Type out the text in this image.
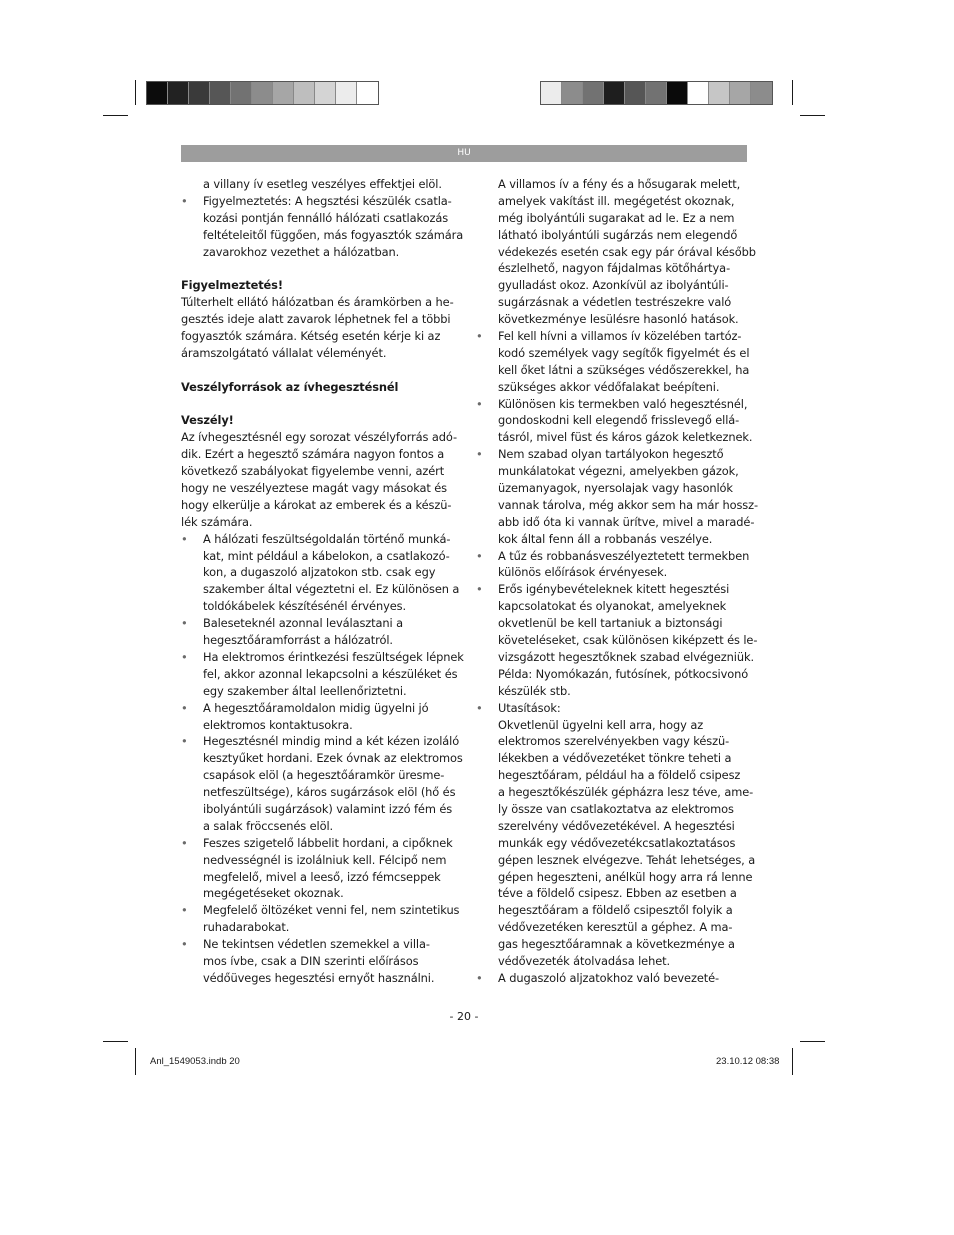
HU
a villany ív esetleg veszélyes effektjei elöl.
• Figyelmeztetés: A hegsztési készülék csatla-
kozási pontján fennálló hálózati csatlakozás
feltételeitől függően, más fogyasztók számára
zavarokhoz vezethet a hálózatban.
Figyelmeztetés!
Túlterhelt ellátó hálózatban és áramkörben a he-
gesztés ideje alatt zavarok léphetnek fel a többi
fogyasztók számára. Kétség esetén kérje ki az
áramszolgátató vállalat véleményét.
Veszélyforrások az ívhegesztésnél
Veszély!
Az ívhegesztésnél egy sorozat vészélyforrás adó-
dik. Ezért a hegesztő számára nagyon fontos a
következő szabályokat figyelembe venni, azért
hogy ne veszélyeztese magát vagy másokat és
hogy elkerülje a károkat az emberek és a készü-
lék számára.
• A hálózati feszültségoldalán történő munká-
kat, mint például a kábelokon, a csatlakozó-
kon, a dugaszoló aljzatokon stb. csak egy
szakember által végeztetni el. Ez különösen a
toldókábelek készítésénél érvényes.
• Baleseteknél azonnal leválasztani a
hegesztőáramforrást a hálózatról.
• Ha elektromos érintkezési feszültségek lépnek
fel, akkor azonnal lekapcsolni a készüléket és
egy szakember által leellenőriztetni.
• A hegesztőáramoldalon midig ügyelni jó
elektromos kontaktusokra.
• Hegesztésnél mindig mind a két kézen izoláló
kesztyűket hordani. Ezek óvnak az elektromos
csapások elöl (a hegesztőáramkör üresme-
netfeszültsége), káros sugárzások elöl (hő és
ibolyántúli sugárzások) valamint izzó fém és
a salak fröccsenés elöl.
• Feszes szigetelő lábbelit hordani, a cipőknek
nedvességnél is izolálniuk kell. Félcipő nem
megfelelő, mivel a leeső, izzó fémcseppek
megégetéseket okoznak.
• Megfelelő öltözéket venni fel, nem szintetikus
ruhadarabokat.
• Ne tekintsen védetlen szemekkel a villa-
mos ívbe, csak a DIN szerinti előírásos
védőüveges hegesztési ernyőt használni.
A villamos ív a fény és a hősugarak melett,
amelyek vakítást ill. megégetést okoznak,
még ibolyántúli sugarakat ad le. Ez a nem
látható ibolyántúli sugárzás nem elegendő
védekezés esetén csak egy pár órával később
észlelhető, nagyon fájdalmas kötőhártya-
gyulladást okoz. Azonkívül az ibolyántúli-
sugárzásnak a védetlen testrészekre való
következménye lesülésre hasonló hatások.
• Fel kell hívni a villamos ív közelében tartóz-
kodó személyek vagy segítők figyelmét és el
kell őket látni a szükséges védőszerekkel, ha
szükséges akkor védőfalakat beépíteni.
• Különösen kis termekben való hegesztésnél,
gondoskodni kell elegendő frisslevegő ellá-
tásról, mivel füst és káros gázok keletkeznek.
• Nem szabad olyan tartályokon hegesztő
munkálatokat végezni, amelyekben gázok,
üzemanyagok, nyersolajak vagy hasonlók
vannak tárolva, még akkor sem ha már hossz-
abb idő óta ki vannak ürítve, mivel a maradé-
kok által fenn áll a robbanás veszélye.
• A tűz és robbanásveszélyeztetett termekben
különös előírások érvényesek.
• Erős igénybevételeknek kitett hegesztési
kapcsolatokat és olyanokat, amelyeknek
okvetlenül be kell tartaniuk a biztonsági
követeléseket, csak különösen kiképzett és le-
vizsgázott hegesztőknek szabad elvégezniük.
Példa: Nyomókazán, futósínek, pótkocsivonó
készülék stb.
• Utasítások:
Okvetlenül ügyelni kell arra, hogy az
elektromos szerelvényekben vagy készü-
lékekben a védővezetéket tönkre teheti a
hegesztőáram, például ha a földelő csipesz
a hegesztőkészülék gépházra lesz téve, ame-
ly össze van csatlakoztatva az elektromos
szerelvény védővezetékével. A hegesztési
munkák egy védővezetékcsatlakoztatásos
gépen lesznek elvégezve. Tehát lehetséges, a
gépen hegeszteni, anélkül hogy arra rá lenne
téve a földelő csipesz. Ebben az esetben a
hegesztőáram a földelő csipesztől folyik a
védővezetéken keresztül a géphez. A ma-
gas hegesztőáramnak a következménye a
védővezeték átolvadása lehet.
• A dugaszoló aljzatokhoz való bevezeté-
- 20 -
Anl_1549053.indb 20	23.10.12 08:38
